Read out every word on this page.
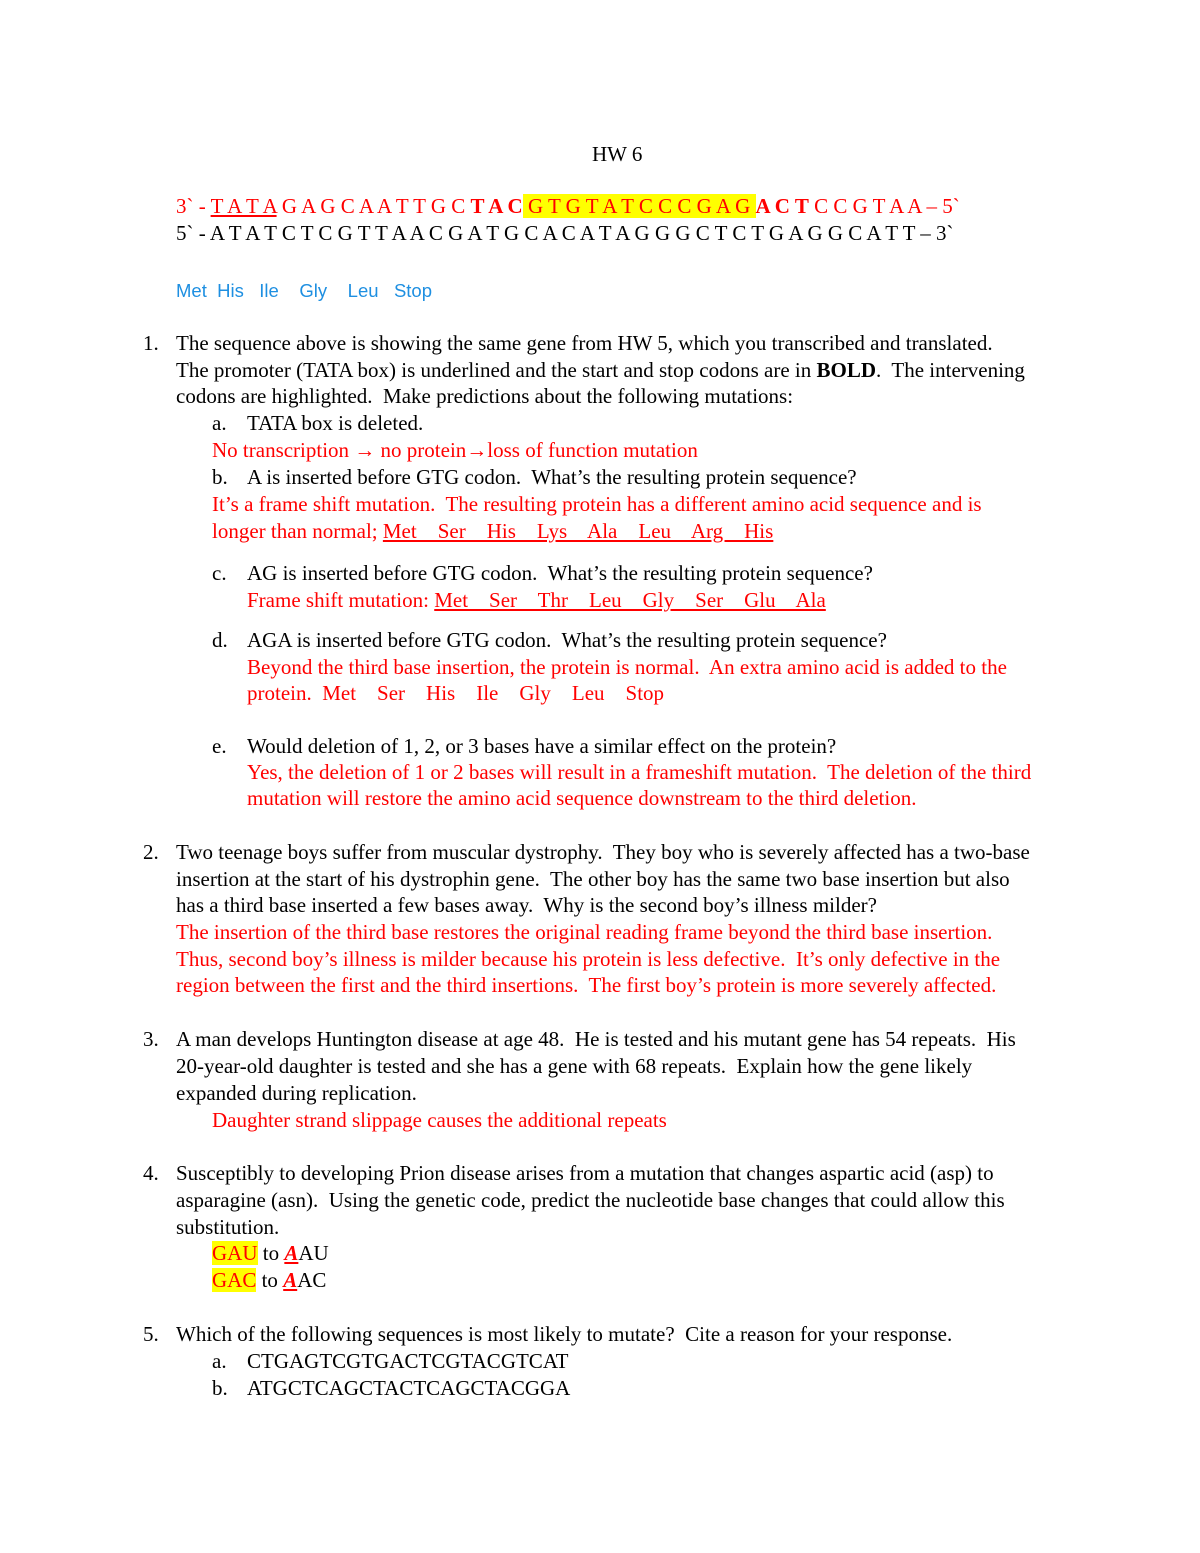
HW 6
3` - T A T A G A G C A A T T G C T A C G T G T A T C C C G A G A C T C C G T A A – 5`
5` - A T A T C T C G T T A A C G A T G C A C A T A G G G C T C T G A G G C A T T – 3`
Met  His   Ile    Gly    Leu   Stop
1. The sequence above is showing the same gene from HW 5, which you transcribed and translated.
The promoter (TATA box) is underlined and the start and stop codons are in BOLD.  The intervening
codons are highlighted.  Make predictions about the following mutations:
a. TATA box is deleted.
No transcription → no protein→loss of function mutation
b. A is inserted before GTG codon.  What’s the resulting protein sequence?
It’s a frame shift mutation.  The resulting protein has a different amino acid sequence and is
longer than normal; Met    Ser    His    Lys    Ala    Leu    Arg    His
c. AG is inserted before GTG codon.  What’s the resulting protein sequence?
Frame shift mutation: Met    Ser    Thr    Leu    Gly    Ser    Glu    Ala
d. AGA is inserted before GTG codon.  What’s the resulting protein sequence?
Beyond the third base insertion, the protein is normal.  An extra amino acid is added to the
protein.  Met    Ser    His    Ile    Gly    Leu    Stop
e. Would deletion of 1, 2, or 3 bases have a similar effect on the protein?
Yes, the deletion of 1 or 2 bases will result in a frameshift mutation.  The deletion of the third
mutation will restore the amino acid sequence downstream to the third deletion.
2. Two teenage boys suffer from muscular dystrophy.  They boy who is severely affected has a two-base
insertion at the start of his dystrophin gene.  The other boy has the same two base insertion but also
has a third base inserted a few bases away.  Why is the second boy’s illness milder?
The insertion of the third base restores the original reading frame beyond the third base insertion.
Thus, second boy’s illness is milder because his protein is less defective.  It’s only defective in the
region between the first and the third insertions.  The first boy’s protein is more severely affected.
3. A man develops Huntington disease at age 48.  He is tested and his mutant gene has 54 repeats.  His
20-year-old daughter is tested and she has a gene with 68 repeats.  Explain how the gene likely
expanded during replication.
Daughter strand slippage causes the additional repeats
4. Susceptibly to developing Prion disease arises from a mutation that changes aspartic acid (asp) to
asparagine (asn).  Using the genetic code, predict the nucleotide base changes that could allow this
substitution.
GAU to AAU
GAC to AAC
5. Which of the following sequences is most likely to mutate?  Cite a reason for your response.
a. CTGAGTCGTGACTCGTACGTCAT
b. ATGCTCAGCTACTCAGCTACGGA
